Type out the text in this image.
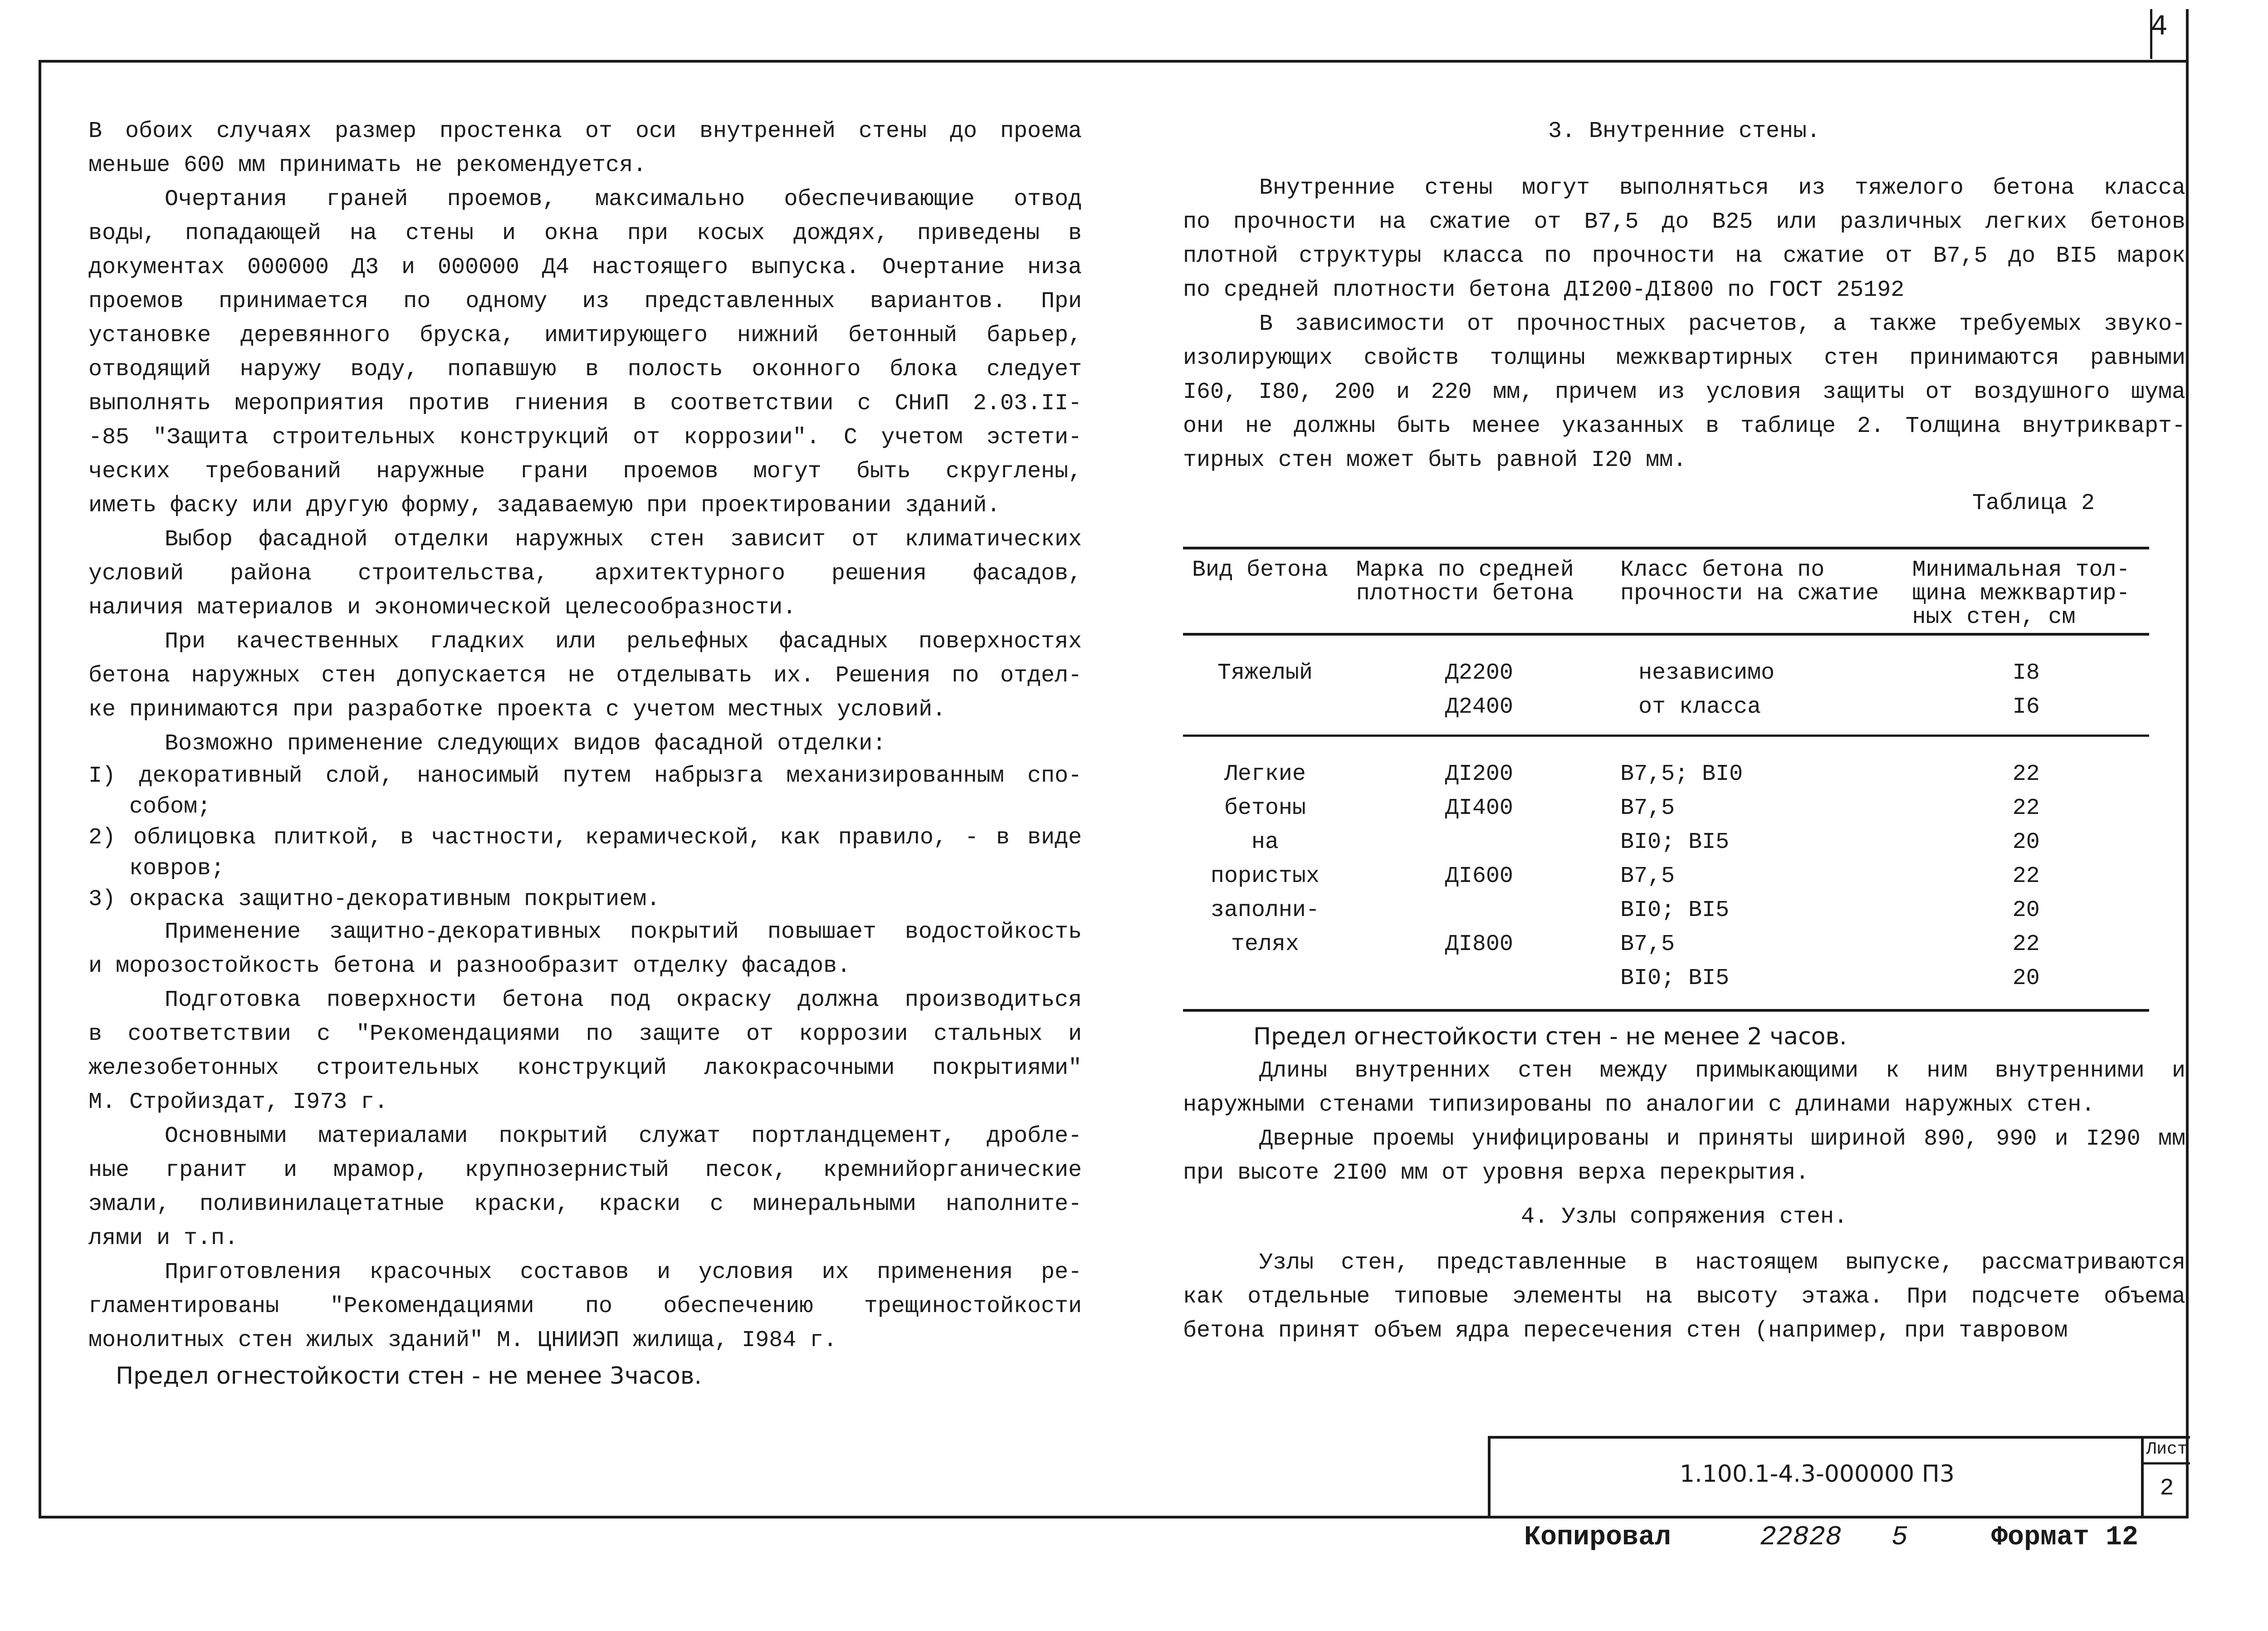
4

В обоих случаях размер простенка от оси внутренней стены до проема

меньше 600 мм принимать не рекомендуется.

Очертания граней проемов, максимально обеспечивающие отвод

воды, попадающей на стены и окна при косых дождях, приведены в

документах 000000 Д3 и 000000 Д4 настоящего выпуска. Очертание низа

проемов принимается по одному из представленных вариантов. При

установке деревянного бруска, имитирующего нижний бетонный барьер,

отводящий наружу воду, попавшую в полость оконного блока следует

выполнять мероприятия против гниения в соответствии с СНиП 2.03.II-

-85 "Защита строительных конструкций от коррозии". С учетом эстети-

ческих требований наружные грани проемов могут быть скруглены,

иметь фаску или другую форму, задаваемую при проектировании зданий.

Выбор фасадной отделки наружных стен зависит от климатических

условий района строительства, архитектурного решения фасадов,

наличия материалов и экономической целесообразности.

При качественных гладких или рельефных фасадных поверхностях

бетона наружных стен допускается не отделывать их. Решения по отдел-

ке принимаются при разработке проекта с учетом местных условий.

Возможно применение следующих видов фасадной отделки:

I) декоративный слой, наносимый путем набрызга механизированным спо-собом;

2) облицовка плиткой, в частности, керамической, как правило, - в виде ковров;

3) окраска защитно-декоративным покрытием.

Применение защитно-декоративных покрытий повышает водостойкость

и морозостойкость бетона и разнообразит отделку фасадов.

Подготовка поверхности бетона под окраску должна производиться

в соответствии с "Рекомендациями по защите от коррозии стальных и

железобетонных строительных конструкций лакокрасочными покрытиями"

М. Стройиздат, I973 г.

Основными материалами покрытий служат портландцемент, дробле-

ные гранит и мрамор, крупнозернистый песок, кремнийорганические

эмали, поливинилацетатные краски, краски с минеральными наполните-

лями и т.п.

Приготовления красочных составов и условия их применения ре-

гламентированы "Рекомендациями по обеспечению трещиностойкости

монолитных стен жилых зданий" М. ЦНИИЭП жилища, I984 г.

Предел огнестойкости стен - не менее 3часов.

3. Внутренние стены.

Внутренние стены могут выполняться из тяжелого бетона класса

по прочности на сжатие от В7,5 до В25 или различных легких бетонов

плотной структуры класса по прочности на сжатие от В7,5 до ВI5 марок

по средней плотности бетона ДI200-ДI800 по ГОСТ 25192

В зависимости от прочностных расчетов, а также требуемых звуко-

изолирующих свойств толщины межквартирных стен принимаются равными

I60, I80, 200 и 220 мм, причем из условия защиты от воздушного шума

они не должны быть менее указанных в таблице 2. Толщина внутрикварт-

тирных стен может быть равной I20 мм.

Таблица 2
Вид бетона	Марка по средней плотности бетона	Класс бетона по прочности на сжатие	Минимальная тол-щина межквартир-ных стен, см
Тяжелый	Д2200	независимо	I8
	Д2400	от класса	I6

Легкие	ДI200	В7,5; ВI0	22
бетоны	ДI400	В7,5	22
на		ВI0; ВI5	20
пористых	ДI600	В7,5	22
заполни-		ВI0; ВI5	20
телях	ДI800	В7,5	22
		ВI0; ВI5	20

Предел огнестойкости стен - не менее 2 часов.

Длины внутренних стен между примыкающими к ним внутренними и

наружными стенами типизированы по аналогии с длинами наружных стен.

Дверные проемы унифицированы и приняты шириной 890, 990 и I290 мм

при высоте 2I00 мм от уровня верха перекрытия.

4. Узлы сопряжения стен.

Узлы стен, представленные в настоящем выпуске, рассматриваются

как отдельные типовые элементы на высоту этажа. При подсчете объема

бетона принят объем ядра пересечения стен (например, при тавровом

1.100.1-4.3-000000 П3
Лист
2
Копировал	22828 5	Формат 12
